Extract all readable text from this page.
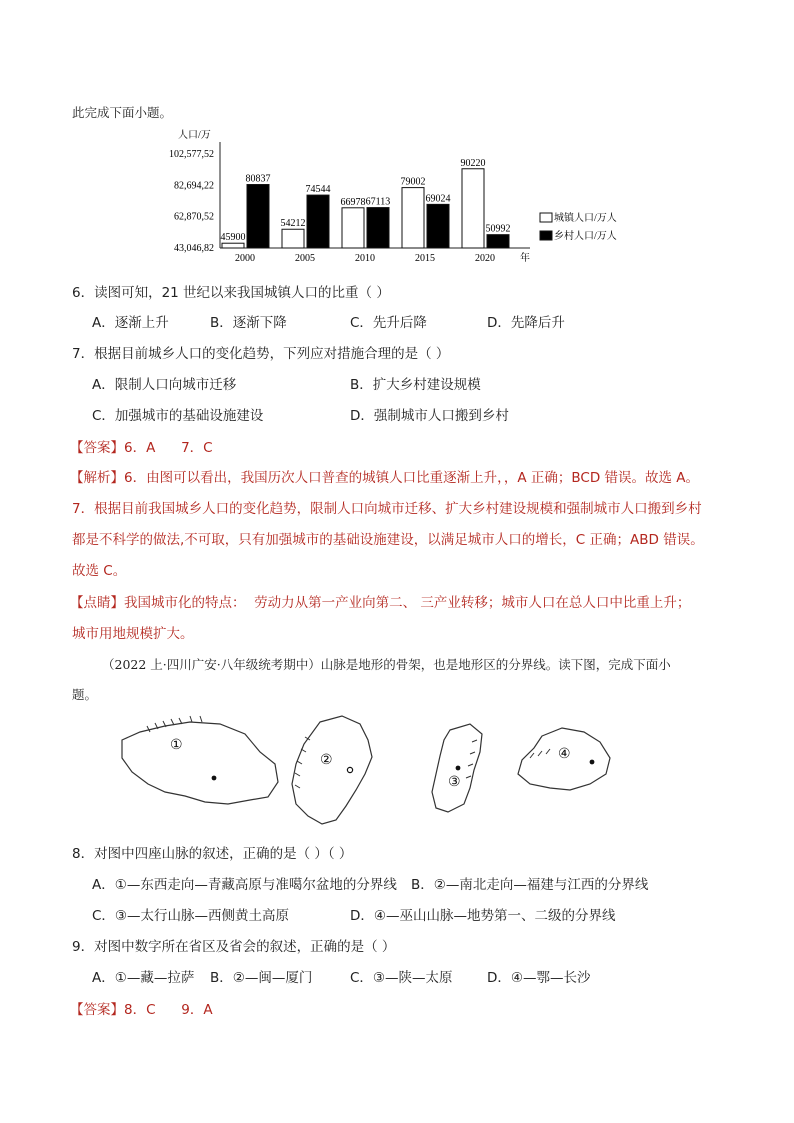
此完成下面小题。
人口/万
102,577,52
82,694,22
62,870,52
43,046,82
45900
80837
2000
54212
74544
2005
66978 67113
2010
79002
69024
2015
90220
50992
2020	年
城镇人口/万人
乡村人口/万人
6．读图可知，21 世纪以来我国城镇人口的比重（ ）
A．逐渐上升	B．逐渐下降	C．先升后降	D．先降后升
7．根据目前城乡人口的变化趋势，下列应对措施合理的是（ ）
A．限制人口向城市迁移	B．扩大乡村建设规模
C．加强城市的基础设施建设	D．强制城市人口搬到乡村
【答案】6．A      7．C
【解析】6．由图可以看出，我国历次人口普查的城镇人口比重逐渐上升，，A 正确；BCD 错误。故选 A。
7．根据目前我国城乡人口的变化趋势，限制人口向城市迁移、扩大乡村建设规模和强制城市人口搬到乡村
都是不科学的做法,不可取，只有加强城市的基础设施建设，以满足城市人口的增长，C 正确；ABD 错误。
故选 C。
【点睛】我国城市化的特点：  劳动力从第一产业向第二、 三产业转移；城市人口在总人口中比重上升；
城市用地规模扩大。
（2022 上·四川广安·八年级统考期中）山脉是地形的骨架，也是地形区的分界线。读下图，完成下面小
题。
①
②
③
④
8．对图中四座山脉的叙述，正确的是（ ）（ ）
A．①—东西走向—青藏高原与准噶尔盆地的分界线 B．②—南北走向—福建与江西的分界线
C．③—太行山脉—西侧黄土高原	D．④—巫山山脉—地势第一、二级的分界线
9．对图中数字所在省区及省会的叙述，正确的是（ ）
A．①—藏—拉萨 B．②—闽—厦门	C．③—陕—太原	D．④—鄂—长沙
【答案】8．C      9．A
